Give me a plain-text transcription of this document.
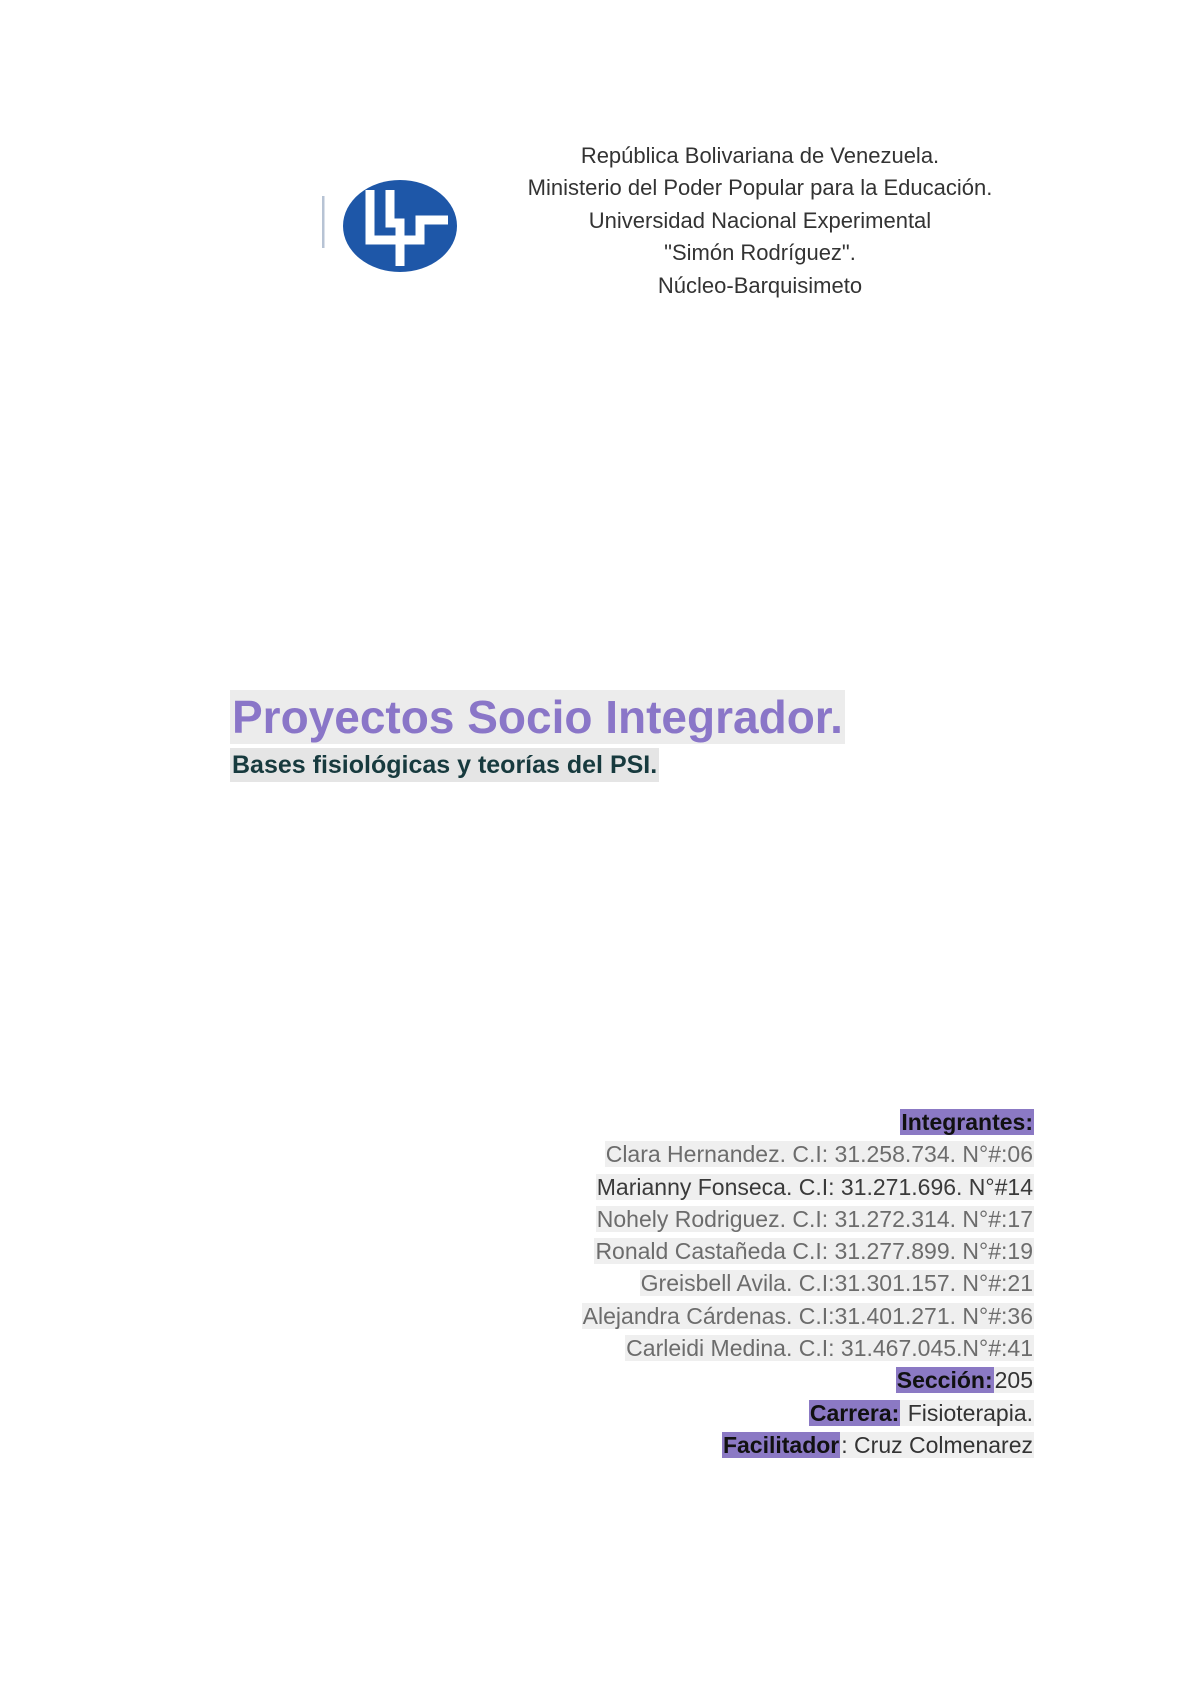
República Bolivariana de Venezuela.
Ministerio del Poder Popular para la Educación.
Universidad Nacional Experimental
"Simón Rodríguez".
Núcleo-Barquisimeto
Proyectos Socio Integrador.
Bases fisiológicas y teorías del PSI.
Integrantes:
Clara Hernandez. C.I: 31.258.734. N°#:06
Marianny Fonseca. C.I: 31.271.696. N°#14
Nohely Rodriguez. C.I: 31.272.314. N°#:17
Ronald Castañeda C.I: 31.277.899. N°#:19
Greisbell Avila. C.I:31.301.157. N°#:21
Alejandra Cárdenas. C.I:31.401.271. N°#:36
Carleidi Medina. C.I: 31.467.045.N°#:41
Sección:205
Carrera: Fisioterapia.
Facilitador: Cruz Colmenarez
